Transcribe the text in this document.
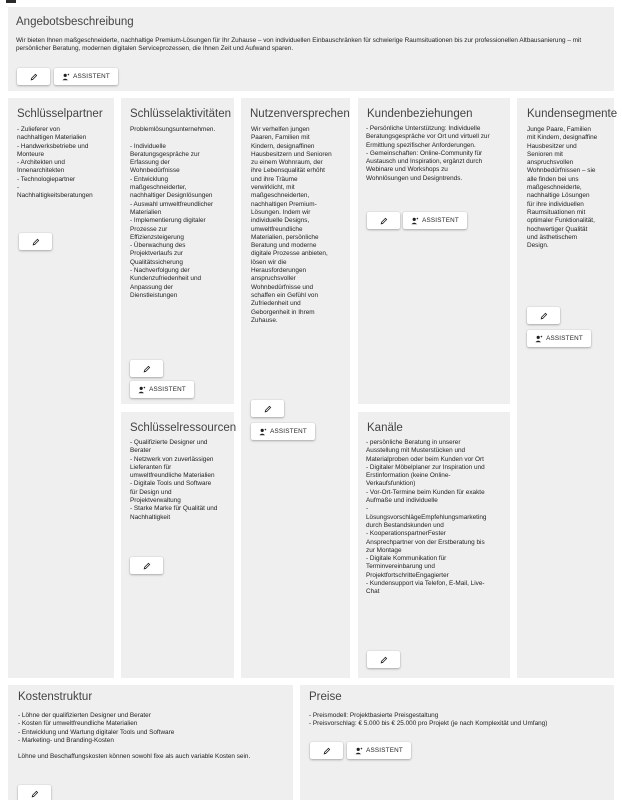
Angebotsbeschreibung
Wir bieten Ihnen maßgeschneiderte, nachhaltige Premium-Lösungen für Ihr Zuhause – von individuellen Einbauschränken für schwierige Raumsituationen bis zur professionellen Altbausanierung – mit persönlicher Beratung, modernen digitalen Serviceprozessen, die Ihnen Zeit und Aufwand sparen.
ASSISTENT
Schlüsselpartner
- Zulieferer von
nachhaltigen Materialien
- Handwerksbetriebe und
Monteure
- Architekten und
Innenarchitekten
- Technologiepartner
-
Nachhaltigkeitsberatungen
Schlüsselaktivitäten
Problemlösungsunternehmen.

- Individuelle
Beratungsgespräche zur
Erfassung der
Wohnbedürfnisse
- Entwicklung
maßgeschneiderter,
nachhaltiger Designlösungen
- Auswahl umweltfreundlicher
Materialien
- Implementierung digitaler
Prozesse zur
Effizienzsteigerung
- Überwachung des
Projektverlaufs zur
Qualitätssicherung
- Nachverfolgung der
Kundenzufriedenheit und
Anpassung der
Dienstleistungen
ASSISTENT
Schlüsselressourcen
- Qualifizierte Designer und
Berater
- Netzwerk von zuverlässigen
Lieferanten für
umweltfreundliche Materialien
- Digitale Tools und Software
für Design und
Projektverwaltung
- Starke Marke für Qualität und
Nachhaltigkeit
Nutzenversprechen
Wir verhelfen jungen
Paaren, Familien mit
Kindern, designaffinen
Hausbesitzern und Senioren
zu einem Wohnraum, der
ihre Lebensqualität erhöht
und ihre Träume
verwirklicht, mit
maßgeschneiderten,
nachhaltigen Premium-
Lösungen. Indem wir
individuelle Designs,
umweltfreundliche
Materialien, persönliche
Beratung und moderne
digitale Prozesse anbieten,
lösen wir die
Herausforderungen
anspruchsvoller
Wohnbedürfnisse und
schaffen ein Gefühl von
Zufriedenheit und
Geborgenheit in Ihrem
Zuhause.
ASSISTENT
Kundenbeziehungen
- Persönliche Unterstützung: Individuelle
Beratungsgespräche vor Ort und virtuell zur
Ermittlung spezifischer Anforderungen.
- Gemeinschaften: Online-Community für
Austausch und Inspiration, ergänzt durch
Webinare und Workshops zu
Wohnlösungen und Designtrends.
ASSISTENT
Kanäle
- persönliche Beratung in unserer
Ausstellung mit Musterstücken und
Materialproben oder beim Kunden vor Ort
- Digitaler Möbelplaner zur Inspiration und
Erstinformation (keine Online-
Verkaufsfunktion)
- Vor-Ort-Termine beim Kunden für exakte
Aufmaße und individuelle
-
LösungsvorschlägeEmpfehlungsmarketing
durch Bestandskunden und
- KooperationspartnerFester
Ansprechpartner von der Erstberatung bis
zur Montage
- Digitale Kommunikation für
Terminvereinbarung und
ProjektfortschritteEngagierter
- Kundensupport via Telefon, E-Mail, Live-
Chat
Kundensegmente
Junge Paare, Familien
mit Kindern, designaffine
Hausbesitzer und
Senioren mit
anspruchsvollen
Wohnbedürfnissen – sie
alle finden bei uns
maßgeschneiderte,
nachhaltige Lösungen
für ihre individuellen
Raumsituationen mit
optimaler Funktionalität,
hochwertiger Qualität
und ästhetischem
Design.
ASSISTENT
Kostenstruktur
- Löhne der qualifizierten Designer und Berater
- Kosten für umweltfreundliche Materialien
- Entwicklung und Wartung digitaler Tools und Software
- Marketing- und Branding-Kosten

Löhne und Beschaffungskosten können sowohl fixe als auch variable Kosten sein.
Preise
- Preismodell: Projektbasierte Preisgestaltung
- Preisvorschlag: € 5.000 bis € 25.000 pro Projekt (je nach Komplexität und Umfang)
ASSISTENT
